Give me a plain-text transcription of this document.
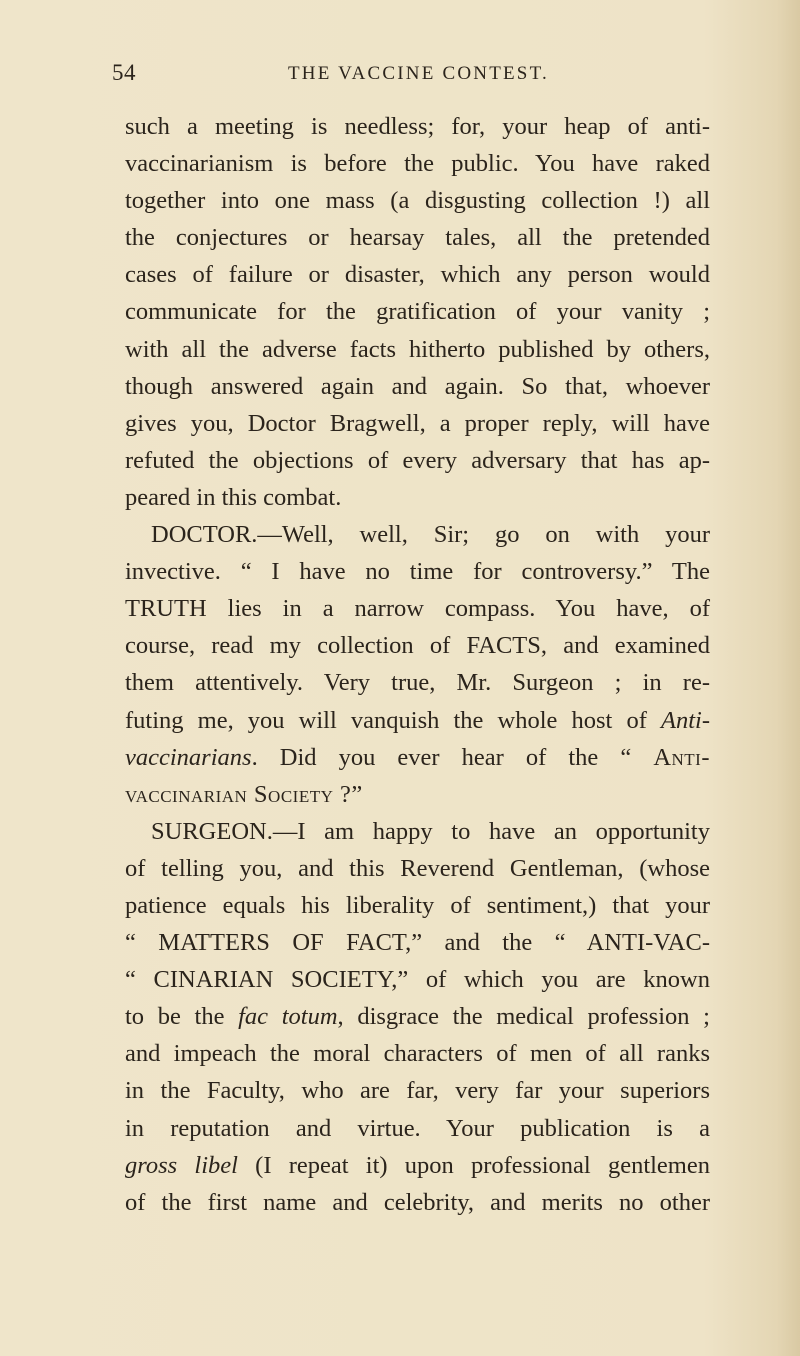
54	THE VACCINE CONTEST.
such a meeting is needless; for, your heap of anti-
vaccinarianism is before the public. You have raked
together into one mass (a disgusting collection !) all
the conjectures or hearsay tales, all the pretended
cases of failure or disaster, which any person would
communicate for the gratification of your vanity ;
with all the adverse facts hitherto published by others,
though answered again and again. So that, whoever
gives you, Doctor Bragwell, a proper reply, will have
refuted the objections of every adversary that has ap-
peared in this combat.
DOCTOR.—Well, well, Sir; go on with your
invective. “ I have no time for controversy.” The
TRUTH lies in a narrow compass. You have, of
course, read my collection of FACTS, and examined
them attentively. Very true, Mr. Surgeon ; in re-
futing me, you will vanquish the whole host of Anti-
vaccinarians. Did you ever hear of the “ Anti-
vaccinarian Society ?”
SURGEON.—I am happy to have an opportunity
of telling you, and this Reverend Gentleman, (whose
patience equals his liberality of sentiment,) that your
“ MATTERS OF FACT,” and the “ ANTI-VAC-
“ CINARIAN SOCIETY,” of which you are known
to be the fac totum, disgrace the medical profession ;
and impeach the moral characters of men of all ranks
in the Faculty, who are far, very far your superiors
in reputation and virtue. Your publication is a
gross libel (I repeat it) upon professional gentlemen
of the first name and celebrity, and merits no other
